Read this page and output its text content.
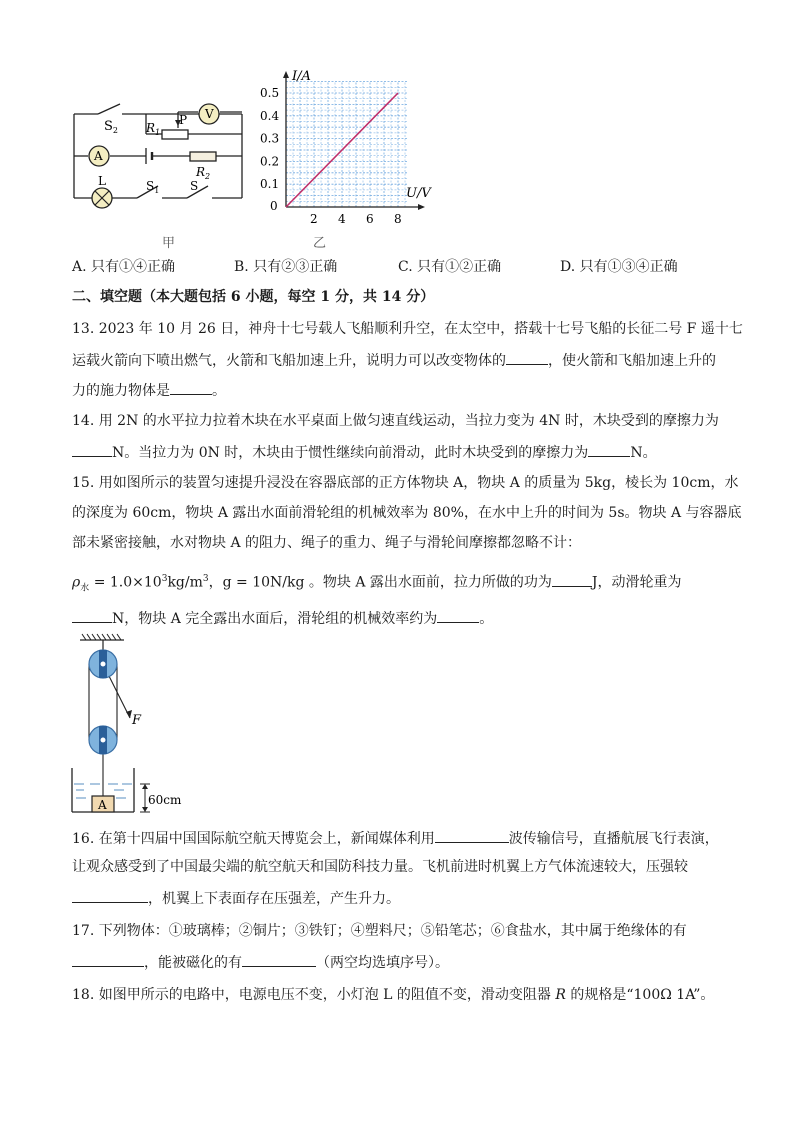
$S_2$
P
$R_1$
V
A
$R_2$
L	$S_1$	S
甲
0.5
0.4
0.3
0.2
0.1
2 4 6 8
I/A
U/V
0
乙
A. 只有①④正确	B. 只有②③正确	C. 只有①②正确	D. 只有①③④正确
二、填空题（本大题包括 6 小题，每空 1 分，共 14 分）
13. 2023 年 10 月 26 日，神舟十七号载人飞船顺利升空，在太空中，搭载十七号飞船的长征二号 F 遥十七
运载火箭向下喷出燃气，火箭和飞船加速上升，说明力可以改变物体的	，使火箭和飞船加速上升的
力的施力物体是	。
14. 用 2N 的水平拉力拉着木块在水平桌面上做匀速直线运动，当拉力变为 4N 时，木块受到的摩擦力为
N。当拉力为 0N 时，木块由于惯性继续向前滑动，此时木块受到的摩擦力为	N。
15. 用如图所示的装置匀速提升浸没在容器底部的正方体物块 A，物块 A 的质量为 5kg，棱长为 10cm，水
的深度为 60cm，物块 A 露出水面前滑轮组的机械效率为 80%，在水中上升的时间为 5s。物块 A 与容器底
部未紧密接触，水对物块 A 的阻力、绳子的重力、绳子与滑轮间摩擦都忽略不计：
$\rho_水 = 1.0\times 10^3kg/m^3$，g = 10N/kg 。物块 A 露出水面前，拉力所做的功为	J，动滑轮重为
N，物块 A 完全露出水面后，滑轮组的机械效率约为	。
F
A	60cm
16. 在第十四届中国国际航空航天博览会上，新闻媒体利用	波传输信号，直播航展飞行表演，
让观众感受到了中国最尖端的航空航天和国防科技力量。飞机前进时机翼上方气体流速较大，压强较
，机翼上下表面存在压强差，产生升力。
17. 下列物体：①玻璃棒；②铜片；③铁钉；④塑料尺；⑤铅笔芯；⑥食盐水，其中属于绝缘体的有
，能被磁化的有	（两空均选填序号）。
18. 如图甲所示的电路中，电源电压不变，小灯泡 L 的阻值不变，滑动变阻器 R 的规格是“100Ω 1A”。
